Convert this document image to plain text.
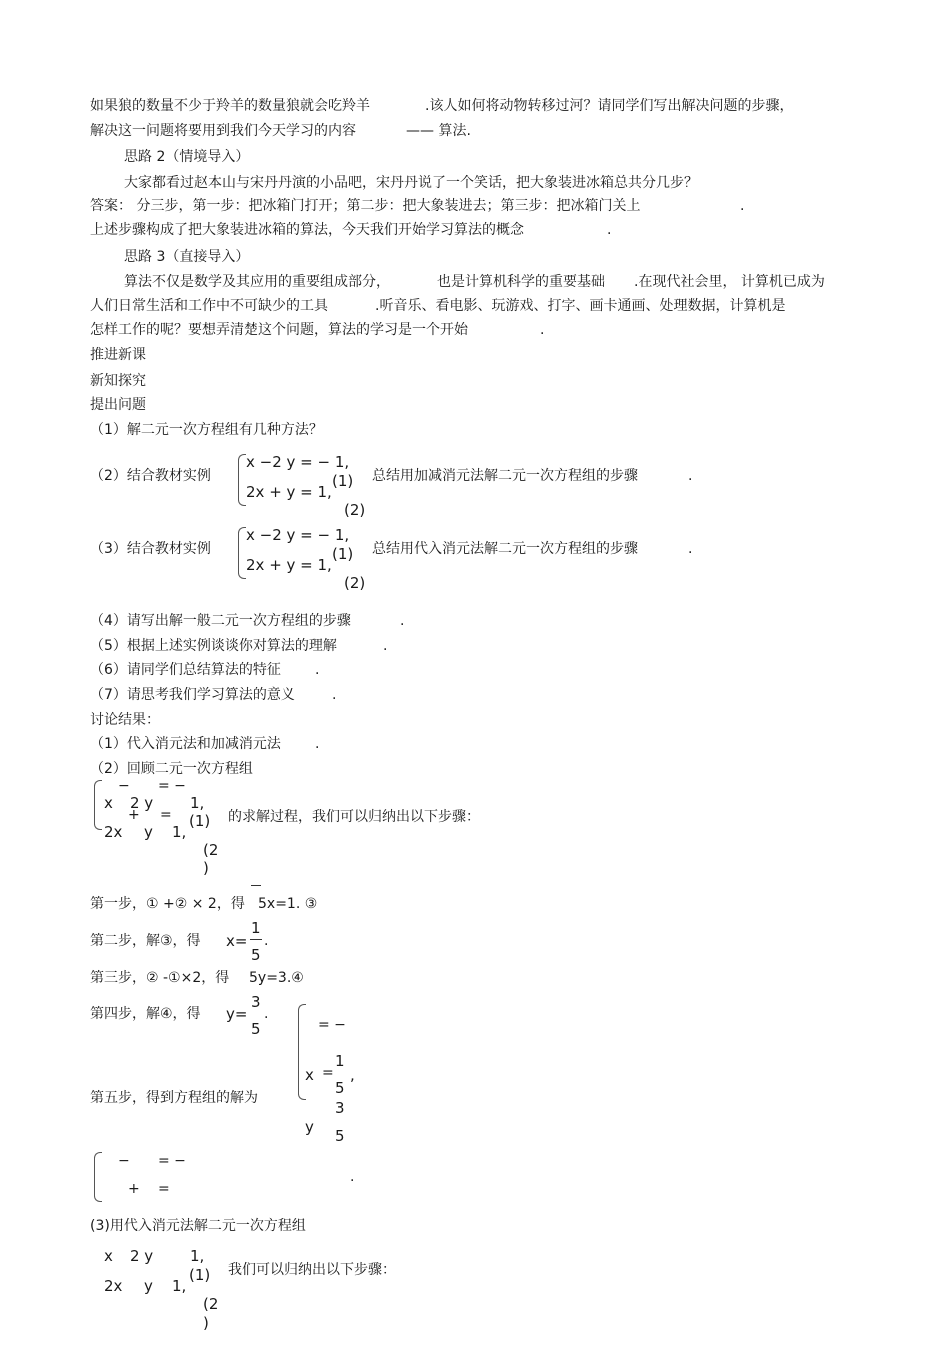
如果狼的数量不少于羚羊的数量狼就会吃羚羊	.该人如何将动物转移过河？请同学们写出解决问题的步骤，
解决这一问题将要用到我们今天学习的内容	—— 算法.
思路 2（情境导入）
大家都看过赵本山与宋丹丹演的小品吧，宋丹丹说了一个笑话，把大象装进冰箱总共分几步？
答案： 分三步，第一步：把冰箱门打开；第二步：把大象装进去；第三步：把冰箱门关上	.
上述步骤构成了把大象装进冰箱的算法，今天我们开始学习算法的概念	.
思路 3（直接导入）
算法不仅是数学及其应用的重要组成部分，	也是计算机科学的重要基础 .在现代社会里， 计算机已成为
人们日常生活和工作中不可缺少的工具	.听音乐、看电影、玩游戏、打字、画卡通画、处理数据，计算机是
怎样工作的呢？要想弄清楚这个问题，算法的学习是一个开始	.
推进新课
新知探究
提出问题
（1）解二元一次方程组有几种方法？
（2）结合教材实例
x −2 y = − 1,
2x + y = 1,
(1)
(2)
总结用加减消元法解二元一次方程组的步骤	.
（3）结合教材实例
x −2 y = − 1,
2x + y = 1,
(1)
(2)
总结用代入消元法解二元一次方程组的步骤	.
（4）请写出解一般二元一次方程组的步骤	.
（5）根据上述实例谈谈你对算法的理解	.
（6）请同学们总结算法的特征 .
（7）请思考我们学习算法的意义	.
讨论结果：
（1）代入消元法和加减消元法 .
（2）回顾二元一次方程组
− = −
x 2 y 1,
(1)
+ =
2x y 1,
(2
)
的求解过程，我们可以归纳出以下步骤：
第一步，① +② × 2，得 5x=1. ③
第二步，解③，得 x=
1
5
.
第三步，② -①×2，得 5y=3.④
第四步，解④，得 y=
3
5
.
= −
1
x = ,
5
第五步，得到方程组的解为
3
y 5
− = −
+ =
.
(3)用代入消元法解二元一次方程组
x 2 y 1,
(1) 我们可以归纳出以下步骤：
2x y 1,
(2
)
